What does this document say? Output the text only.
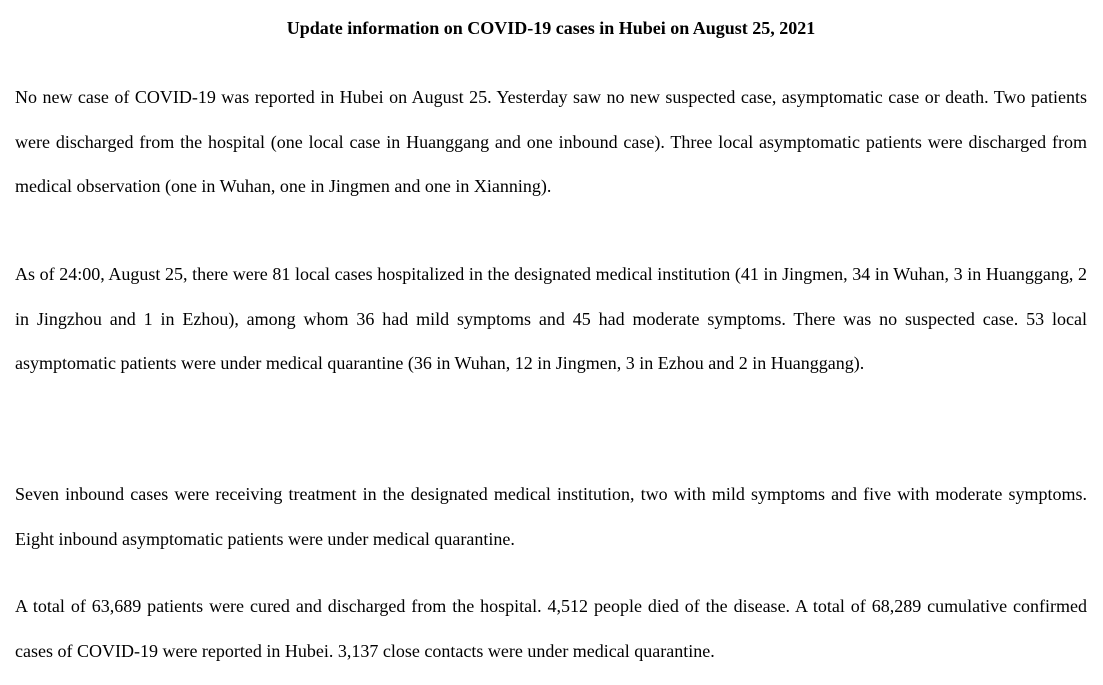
Update information on COVID-19 cases in Hubei on August 25, 2021

No new case of COVID-19 was reported in Hubei on August 25. Yesterday saw no new suspected case, asymptomatic case or death. Two patients were discharged from the hospital (one local case in Huanggang and one inbound case). Three local asymptomatic patients were discharged from medical observation (one in Wuhan, one in Jingmen and one in Xianning).

As of 24:00, August 25, there were 81 local cases hospitalized in the designated medical institution (41 in Jingmen, 34 in Wuhan, 3 in Huanggang, 2 in Jingzhou and 1 in Ezhou), among whom 36 had mild symptoms and 45 had moderate symptoms. There was no suspected case. 53 local asymptomatic patients were under medical quarantine (36 in Wuhan, 12 in Jingmen, 3 in Ezhou and 2 in Huanggang).

Seven inbound cases were receiving treatment in the designated medical institution, two with mild symptoms and five with moderate symptoms. Eight inbound asymptomatic patients were under medical quarantine.

A total of 63,689 patients were cured and discharged from the hospital. 4,512 people died of the disease. A total of 68,289 cumulative confirmed cases of COVID-19 were reported in Hubei. 3,137 close contacts were under medical quarantine.
